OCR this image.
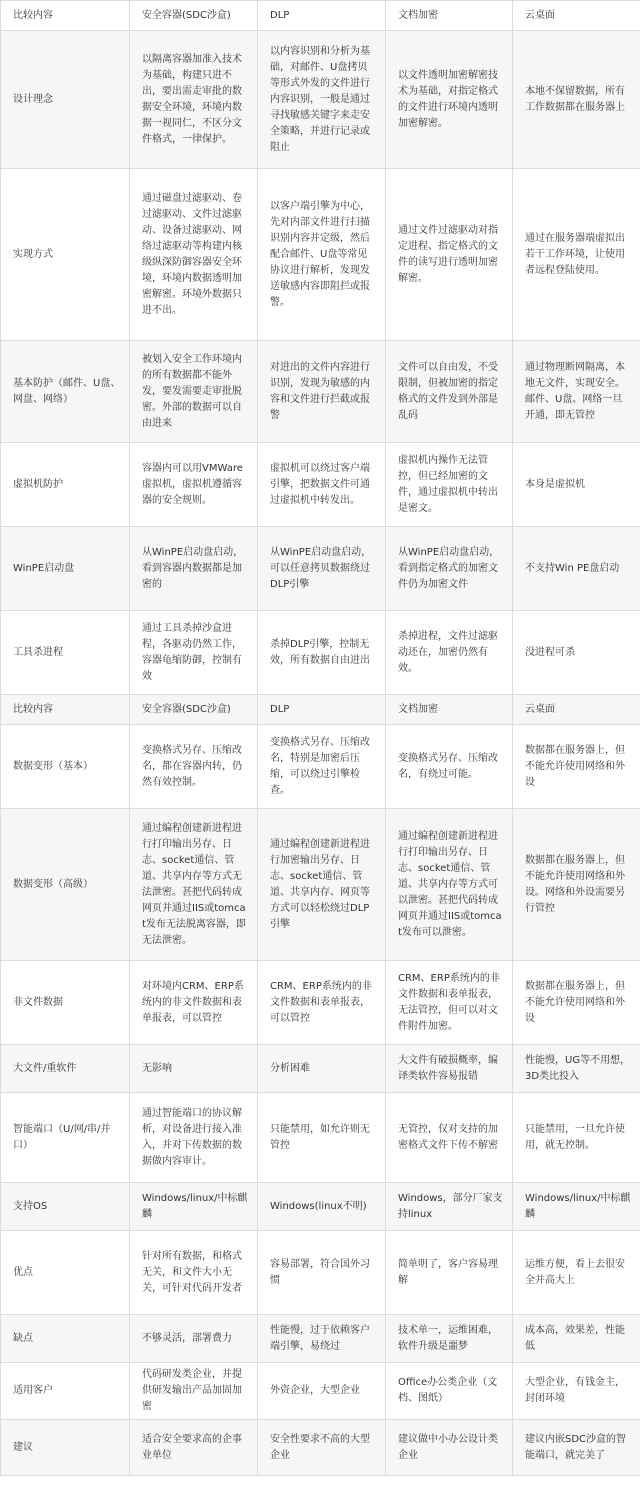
比较内容	安全容器(SDC沙盒)	DLP	文档加密	云桌面
设计理念	以隔离容器加准入技术为基础，构建只进不出，要出需走审批的数据安全环境，环境内数据一视同仁，不区分文件格式，一律保护。	以内容识别和分析为基础，对邮件、U盘拷贝等形式外发的文件进行内容识别，一般是通过寻找敏感关键字来走安全策略，并进行记录或阻止	以文件透明加密解密技术为基础，对指定格式的文件进行环境内透明加密解密。	本地不保留数据，所有工作数据都在服务器上
实现方式	通过磁盘过滤驱动、卷过滤驱动、文件过滤驱动、设备过滤驱动、网络过滤驱动等构建内核级纵深防御容器安全环境，环境内数据透明加密解密。环境外数据只进不出。	以客户端引擎为中心，先对内部文件进行扫描识别内容并定级，然后配合邮件、U盘等常见协议进行解析，发现发送敏感内容即阻拦或报警。	通过文件过滤驱动对指定进程、指定格式的文件的读写进行透明加密解密。	通过在服务器端虚拟出若干工作环境，让使用者远程登陆使用。
基本防护（邮件、U盘、网盘、网络）	被划入安全工作环境内的所有数据都不能外发，要发需要走审批脱密。外部的数据可以自由进来	对进出的文件内容进行识别，发现为敏感的内容和文件进行拦截或报警	文件可以自由发，不受限制，但被加密的指定格式的文件发到外部是乱码	通过物理断网隔离，本地无文件，实现安全。邮件、U盘、网络一旦开通，即无管控
虚拟机防护	容器内可以用VMWare虚拟机，虚拟机遵循容器的安全规则。	虚拟机可以绕过客户端引擎，把数据文件可通过虚拟机中转发出。	虚拟机内操作无法管控，但已经加密的文件，通过虚拟机中转出是密文。	本身是虚拟机
WinPE启动盘	从WinPE启动盘启动，看到容器内数据都是加密的	从WinPE启动盘启动，可以任意拷贝数据绕过DLP引擎	从WinPE启动盘启动，看到指定格式的加密文件仍为加密文件	不支持Win PE盘启动
工具杀进程	通过工具杀掉沙盒进程，各驱动仍然工作，容器龟缩防御，控制有效	杀掉DLP引擎，控制无效，所有数据自由进出	杀掉进程，文件过滤驱动还在，加密仍然有效。	没进程可杀
比较内容	安全容器(SDC沙盒)	DLP	文档加密	云桌面
数据变形（基本）	变换格式另存、压缩改名，都在容器内转，仍然有效控制。	变换格式另存、压缩改名，特别是加密后压缩，可以绕过引擎检查。	变换格式另存、压缩改名，有绕过可能。	数据都在服务器上，但不能允许使用网络和外设
数据变形（高级）	通过编程创建新进程进行打印输出另存、日志、socket通信、管道、共享内存等方式无法泄密。甚把代码转成网页并通过IIS或tomcat发布无法脱离容器，即无法泄密。	通过编程创建新进程进行加密输出另存、日志、socket通信、管道、共享内存、网页等方式可以轻松绕过DLP引擎	通过编程创建新进程进行打印输出另存、日志、socket通信、管道、共享内存等方式可以泄密。甚把代码转成网页并通过IIS或tomcat发布可以泄密。	数据都在服务器上，但不能允许使用网络和外设。网络和外设需要另行管控
非文件数据	对环境内CRM、ERP系统内的非文件数据和表单报表，可以管控	CRM、ERP系统内的非文件数据和表单报表，可以管控	CRM、ERP系统内的非文件数据和表单报表，无法管控，但可以对文件附件加密。	数据都在服务器上，但不能允许使用网络和外设
大文件/重软件	无影响	分析困难	大文件有破损概率，编译类软件容易报错	性能慢，UG等不用想，3D类比投入
智能端口（U/网/串/并口）	通过智能端口的协议解析，对设备进行接入准入，并对下传数据的数据做内容审计。	只能禁用，如允许则无管控	无管控，仅对支持的加密格式文件下传不解密	只能禁用，一旦允许使用，就无控制。
支持OS	Windows/linux/中标麒麟	Windows(linux不明)	Windows，部分厂家支持linux	Windows/linux/中标麒麟
优点	针对所有数据，和格式无关，和文件大小无关，可针对代码开发者	容易部署，符合国外习惯	简单明了，客户容易理解	运维方便，看上去很安全并高大上
缺点	不够灵活，部署费力	性能慢，过于依赖客户端引擎，易绕过	技术单一，运维困难，软件升级是噩梦	成本高，效果差，性能低
适用客户	代码研发类企业，并提供研发输出产品加固加密	外资企业，大型企业	Office办公类企业（文档、图纸）	大型企业，有钱金主，封闭环境
建议	适合安全要求高的企事业单位	安全性要求不高的大型企业	建议做中小办公设计类企业	建议内嵌SDC沙盒的智能端口，就完美了
